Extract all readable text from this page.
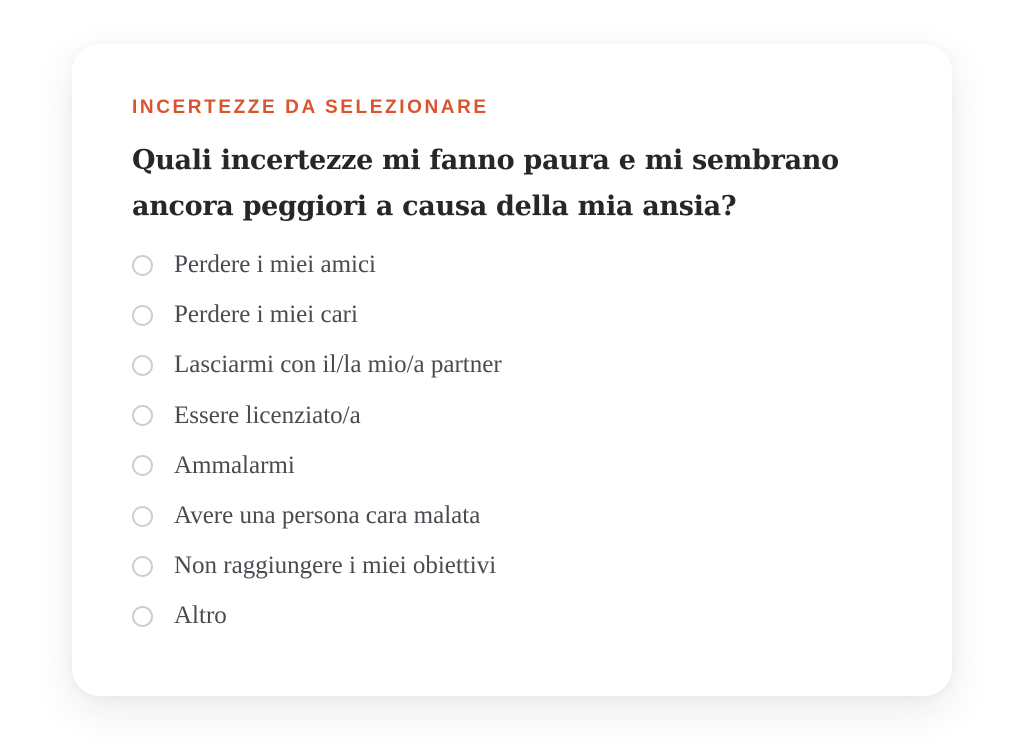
INCERTEZZE DA SELEZIONARE

Quali incertezze mi fanno paura e mi sembrano ancora peggiori a causa della mia ansia?
Perdere i miei amici
Perdere i miei cari
Lasciarmi con il/la mio/a partner
Essere licenziato/a
Ammalarmi
Avere una persona cara malata
Non raggiungere i miei obiettivi
Altro
